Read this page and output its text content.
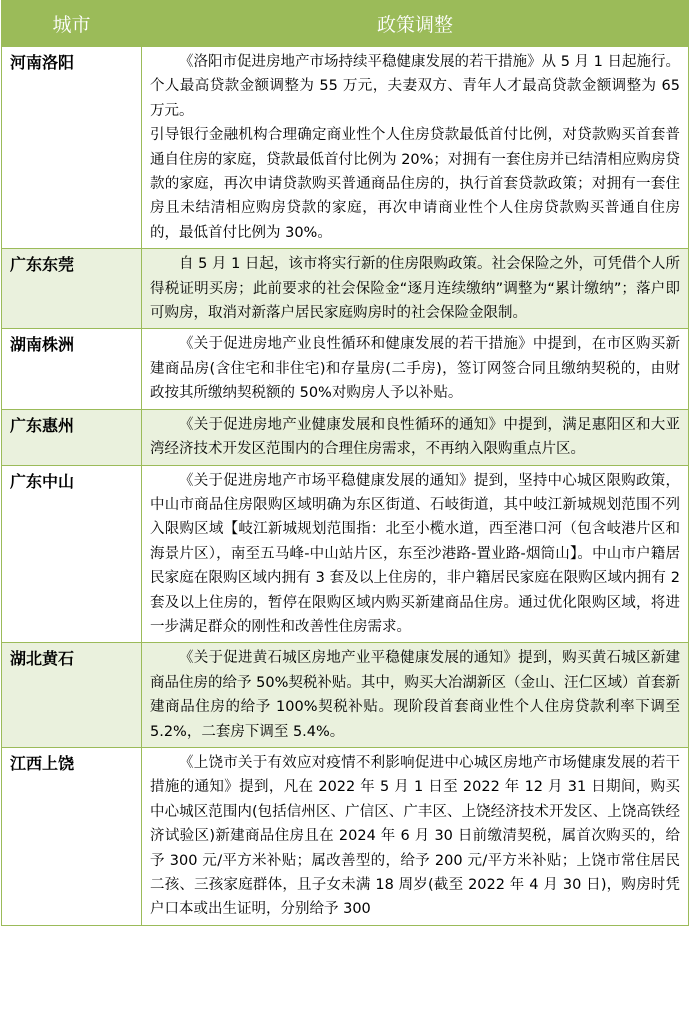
城市	政策调整
河南洛阳	《洛阳市促进房地产市场持续平稳健康发展的若干措施》从 5 月 1 日起施行。个人最高贷款金额调整为 55 万元，夫妻双方、青年人才最高贷款金额调整为 65 万元。

引导银行金融机构合理确定商业性个人住房贷款最低首付比例，对贷款购买首套普通自住房的家庭，贷款最低首付比例为 20%；对拥有一套住房并已结清相应购房贷款的家庭，再次申请贷款购买普通商品住房的，执行首套贷款政策；对拥有一套住房且未结清相应购房贷款的家庭，再次申请商业性个人住房贷款购买普通自住房的，最低首付比例为 30%。

广东东莞	自 5 月 1 日起，该市将实行新的住房限购政策。社会保险之外，可凭借个人所得税证明买房；此前要求的社会保险金“逐月连续缴纳”调整为“累计缴纳”；落户即可购房，取消对新落户居民家庭购房时的社会保险金限制。

湖南株洲	《关于促进房地产业良性循环和健康发展的若干措施》中提到，在市区购买新建商品房(含住宅和非住宅)和存量房(二手房)，签订网签合同且缴纳契税的，由财政按其所缴纳契税额的 50%对购房人予以补贴。

广东惠州	《关于促进房地产业健康发展和良性循环的通知》中提到，满足惠阳区和大亚湾经济技术开发区范围内的合理住房需求，不再纳入限购重点片区。

广东中山	《关于促进房地产市场平稳健康发展的通知》提到，坚持中心城区限购政策，中山市商品住房限购区域明确为东区街道、石岐街道，其中岐江新城规划范围不列入限购区域【岐江新城规划范围指：北至小榄水道，西至港口河（包含岐港片区和海景片区），南至五马峰-中山站片区，东至沙港路-置业路-烟筒山】。中山市户籍居民家庭在限购区域内拥有 3 套及以上住房的，非户籍居民家庭在限购区域内拥有 2 套及以上住房的，暂停在限购区域内购买新建商品住房。通过优化限购区域，将进一步满足群众的刚性和改善性住房需求。

湖北黄石	《关于促进黄石城区房地产业平稳健康发展的通知》提到，购买黄石城区新建商品住房的给予 50%契税补贴。其中，购买大冶湖新区（金山、汪仁区域）首套新建商品住房的给予 100%契税补贴。现阶段首套商业性个人住房贷款利率下调至 5.2%，二套房下调至 5.4%。

江西上饶	《上饶市关于有效应对疫情不利影响促进中心城区房地产市场健康发展的若干措施的通知》提到，凡在 2022 年 5 月 1 日至 2022 年 12 月 31 日期间，购买中心城区范围内(包括信州区、广信区、广丰区、上饶经济技术开发区、上饶高铁经济试验区)新建商品住房且在 2024 年 6 月 30 日前缴清契税，属首次购买的，给予 300 元/平方米补贴；属改善型的，给予 200 元/平方米补贴；上饶市常住居民二孩、三孩家庭群体，且子女未满 18 周岁(截至 2022 年 4 月 30 日)，购房时凭户口本或出生证明，分别给予 300
